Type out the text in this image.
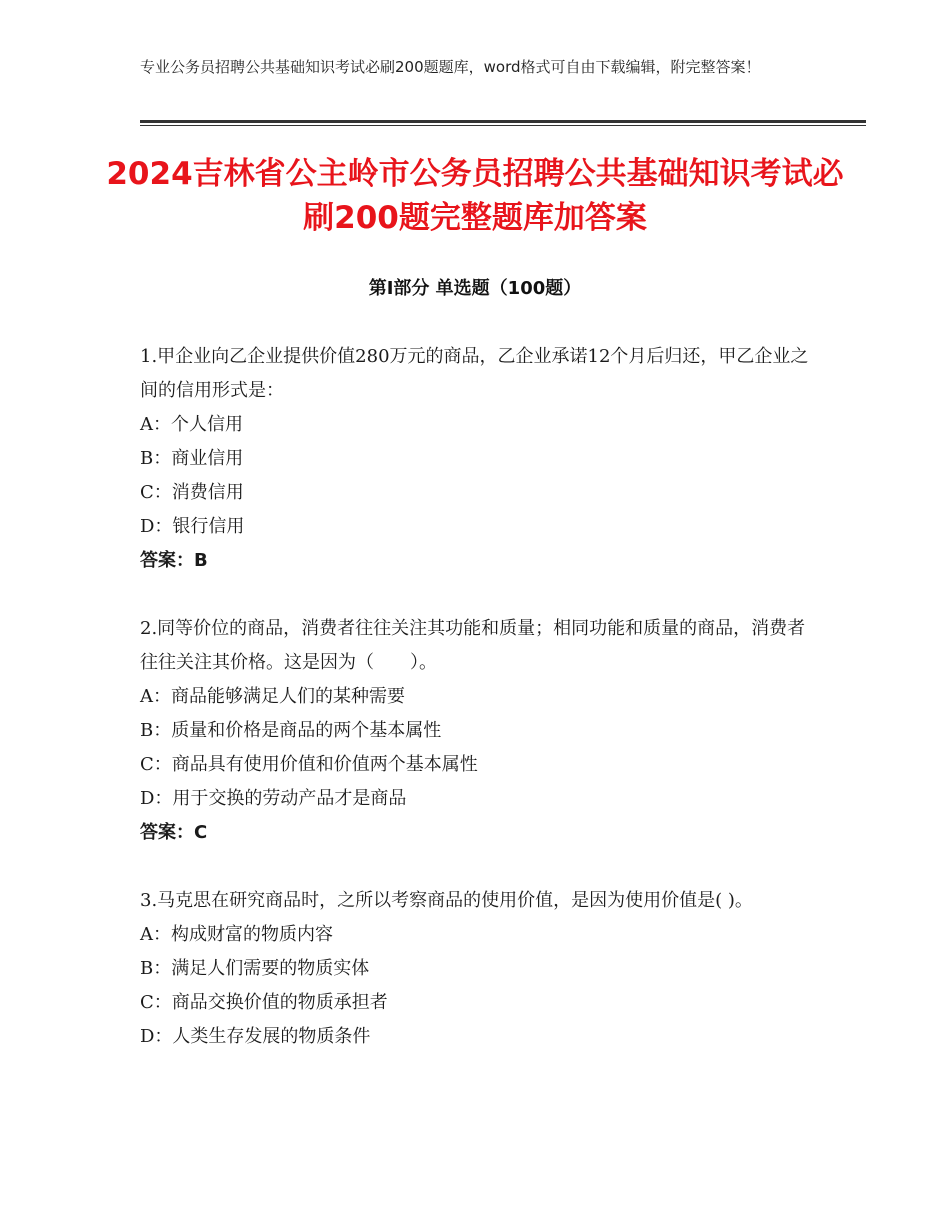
专业公务员招聘公共基础知识考试必刷200题题库，word格式可自由下载编辑，附完整答案！
2024吉林省公主岭市公务员招聘公共基础知识考试必刷200题完整题库加答案
第Ⅰ部分 单选题（100题）
1.甲企业向乙企业提供价值280万元的商品，乙企业承诺12个月后归还，甲乙企业之间的信用形式是：
A：个人信用
B：商业信用
C：消费信用
D：银行信用
答案：B
2.同等价位的商品，消费者往往关注其功能和质量；相同功能和质量的商品，消费者往往关注其价格。这是因为（　　）。
A：商品能够满足人们的某种需要
B：质量和价格是商品的两个基本属性
C：商品具有使用价值和价值两个基本属性
D：用于交换的劳动产品才是商品
答案：C
3.马克思在研究商品时，之所以考察商品的使用价值，是因为使用价值是( )。
A：构成财富的物质内容
B：满足人们需要的物质实体
C：商品交换价值的物质承担者
D：人类生存发展的物质条件
